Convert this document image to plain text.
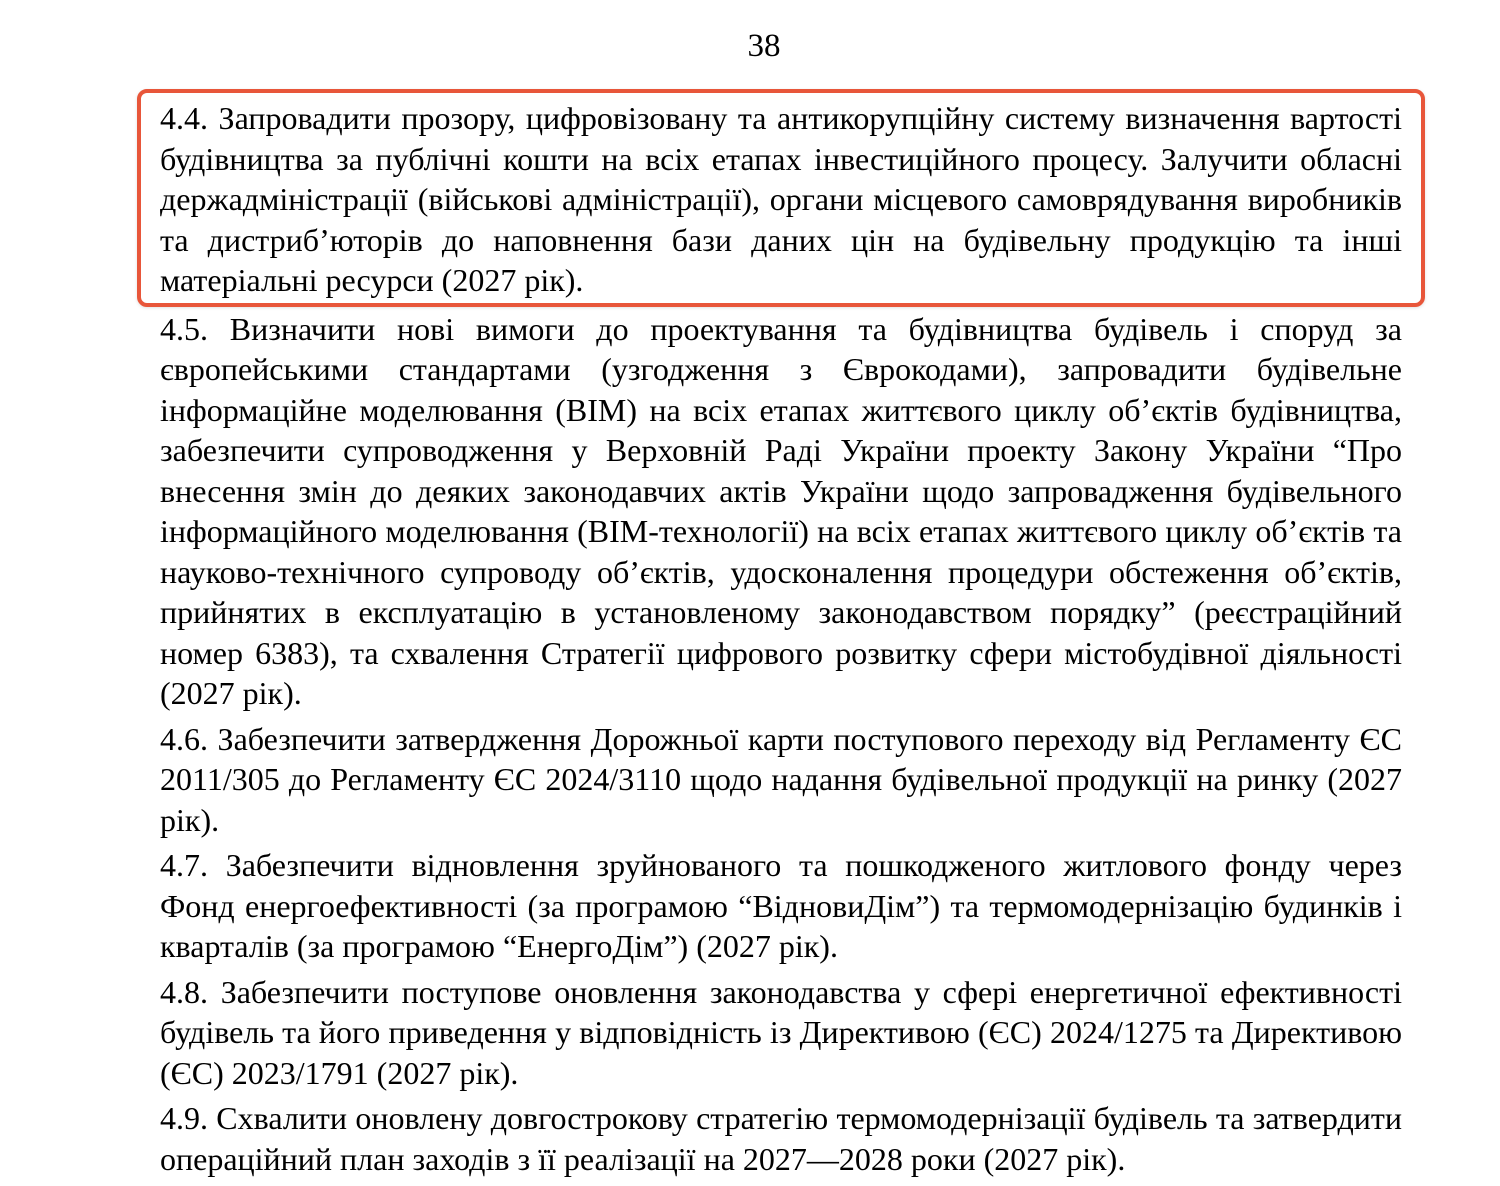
38

4.4. Запровадити прозору, цифровізовану та антикорупційну систему визначення вартості будівництва за публічні кошти на всіх етапах інвестиційного процесу. Залучити обласні держадміністрації (військові адміністрації), органи місцевого самоврядування виробників та дистриб’юторів до наповнення бази даних цін на будівельну продукцію та інші матеріальні ресурси (2027 рік).

4.5. Визначити нові вимоги до проектування та будівництва будівель і споруд за європейськими стандартами (узгодження з Єврокодами), запровадити будівельне інформаційне моделювання (BIM) на всіх етапах життєвого циклу об’єктів будівництва, забезпечити супроводження у Верховній Раді України проекту Закону України “Про внесення змін до деяких законодавчих актів України щодо запровадження будівельного інформаційного моделювання (BIM-технології) на всіх етапах життєвого циклу об’єктів та науково-технічного супроводу об’єктів, удосконалення процедури обстеження об’єктів, прийнятих в експлуатацію в установленому законодавством порядку” (реєстраційний номер 6383), та схвалення Стратегії цифрового розвитку сфери містобудівної діяльності (2027 рік).

4.6. Забезпечити затвердження Дорожньої карти поступового переходу від Регламенту ЄС 2011/305 до Регламенту ЄС 2024/3110 щодо надання будівельної продукції на ринку (2027 рік).

4.7. Забезпечити відновлення зруйнованого та пошкодженого житлового фонду через Фонд енергоефективності (за програмою “ВідновиДім”) та термомодернізацію будинків і кварталів (за програмою “ЕнергоДім”) (2027 рік).

4.8. Забезпечити поступове оновлення законодавства у сфері енергетичної ефективності будівель та його приведення у відповідність із Директивою (ЄС) 2024/1275 та Директивою (ЄС) 2023/1791 (2027 рік).

4.9. Схвалити оновлену довгострокову стратегію термомодернізації будівель та затвердити операційний план заходів з її реалізації на 2027—2028 роки (2027 рік).
